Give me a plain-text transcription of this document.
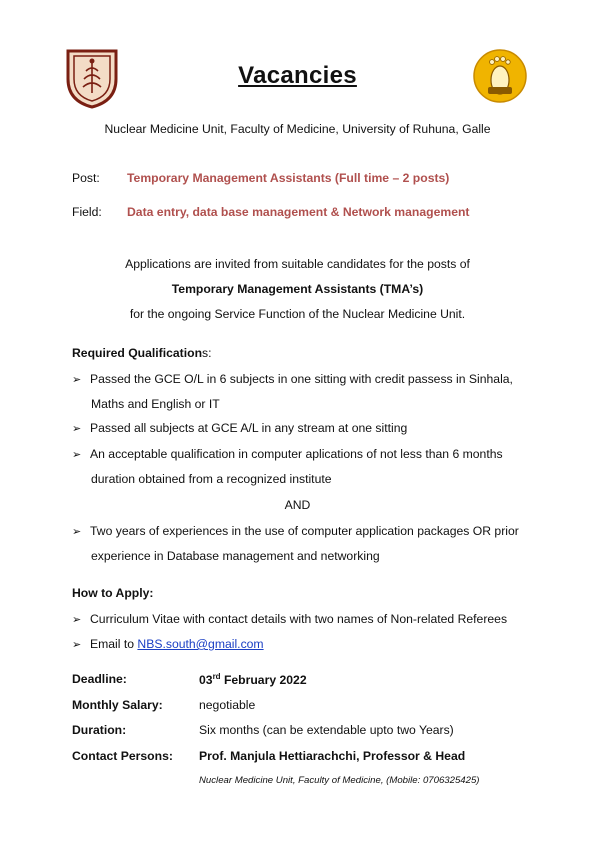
Vacancies
Nuclear Medicine Unit, Faculty of Medicine, University of Ruhuna, Galle
Post: Temporary Management Assistants (Full time – 2 posts)
Field: Data entry, data base management & Network management
Applications are invited from suitable candidates for the posts of
Temporary Management Assistants (TMA’s)
for the ongoing Service Function of the Nuclear Medicine Unit.
Required Qualifications:
➢ Passed the GCE O/L in 6 subjects in one sitting with credit passess in Sinhala,
Maths and English or IT
➢ Passed all subjects at GCE A/L in any stream at one sitting
➢ An acceptable qualification in computer aplications of not less than 6 months
duration obtained from a recognized institute
AND
➢ Two years of experiences in the use of computer application packages OR prior
experience in Database management and networking
How to Apply:
➢ Curriculum Vitae with contact details with two names of Non-related Referees
➢ Email to NBS.south@gmail.com
Deadline:	03rd February 2022
Monthly Salary:	negotiable
Duration:	Six months (can be extendable upto two Years)
Contact Persons: Prof. Manjula Hettiarachchi, Professor & Head
Nuclear Medicine Unit, Faculty of Medicine, (Mobile: 0706325425)
